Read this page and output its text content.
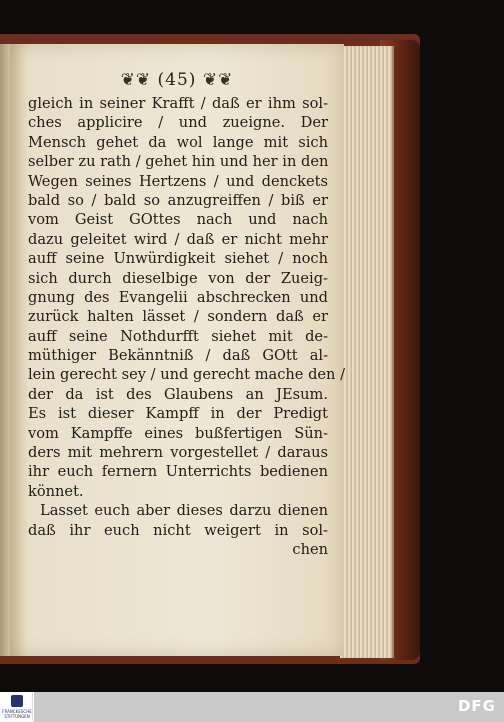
❦❦ (45) ❦❦
gleich in seiner Krafft / daß er ihm sol-
ches applicire / und zueigne. Der
Mensch gehet da wol lange mit sich
selber zu rath / gehet hin und her in den
Wegen seines Hertzens / und denckets
bald so / bald so anzugreiffen / biß er
vom Geist GOttes nach und nach
dazu geleitet wird / daß er nicht mehr
auff seine Unwürdigkeit siehet / noch
sich durch dieselbige von der Zueig-
gnung des Evangelii abschrecken und
zurück halten lässet / sondern daß er
auff seine Nothdurfft siehet mit de-
müthiger Bekänntniß / daß GOtt al-
lein gerecht sey / und gerecht mache den /
der da ist des Glaubens an JEsum.
Es ist dieser Kampff in der Predigt
vom Kampffe eines bußfertigen Sün-
ders mit mehrern vorgestellet / daraus
ihr euch fernern Unterrichts bedienen
könnet.
Lasset euch aber dieses darzu dienen
daß ihr euch nicht weigert in sol-
chen
FRANCKESCHE STIFTUNGEN
DFG
